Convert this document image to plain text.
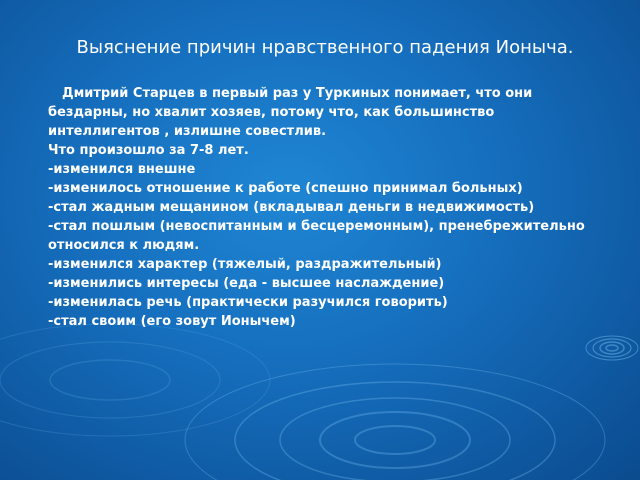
Выяснение причин нравственного падения Ионыча.
Дмитрий Старцев в первый раз у Туркиных понимает, что они бездарны, но хвалит хозяев, потому что, как большинство интеллигентов , излишне совестлив.
Что произошло за 7-8 лет.
-изменился внешне
-изменилось отношение к работе (спешно принимал больных)
-стал жадным мещанином (вкладывал деньги в недвижимость)
-стал пошлым (невоспитанным и бесцеремонным), пренебрежительно относился к людям.
-изменился характер (тяжелый, раздражительный)
-изменились интересы (еда - высшее наслаждение)
-изменилась речь (практически разучился говорить)
-стал своим (его зовут Ионычем)
